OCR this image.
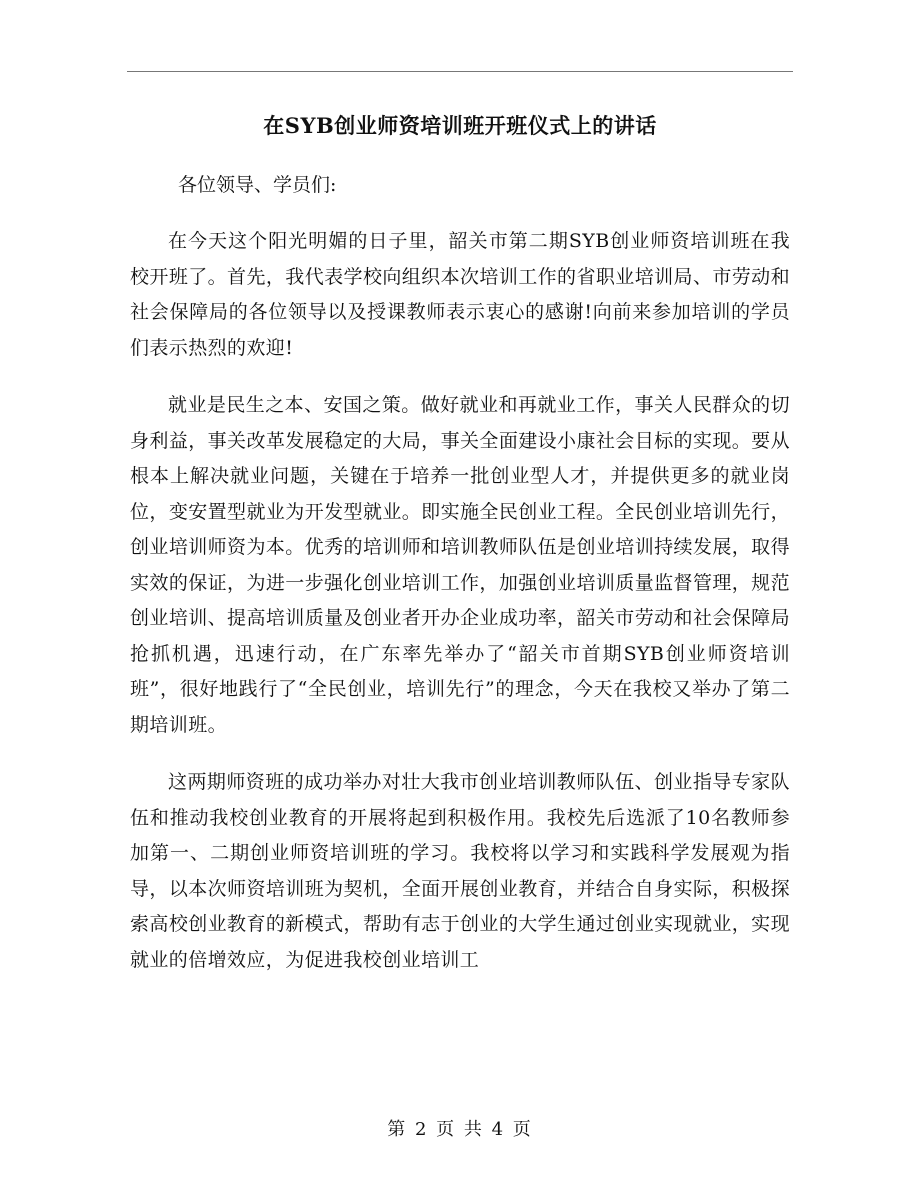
在SYB创业师资培训班开班仪式上的讲话

各位领导、学员们:

在今天这个阳光明媚的日子里，韶关市第二期SYB创业师资培训班在我校开班了。首先，我代表学校向组织本次培训工作的省职业培训局、市劳动和社会保障局的各位领导以及授课教师表示衷心的感谢!向前来参加培训的学员们表示热烈的欢迎!

就业是民生之本、安国之策。做好就业和再就业工作，事关人民群众的切身利益，事关改革发展稳定的大局，事关全面建设小康社会目标的实现。要从根本上解决就业问题，关键在于培养一批创业型人才，并提供更多的就业岗位，变安置型就业为开发型就业。即实施全民创业工程。全民创业培训先行，创业培训师资为本。优秀的培训师和培训教师队伍是创业培训持续发展，取得实效的保证，为进一步强化创业培训工作，加强创业培训质量监督管理，规范创业培训、提高培训质量及创业者开办企业成功率，韶关市劳动和社会保障局抢抓机遇，迅速行动，在广东率先举办了“韶关市首期SYB创业师资培训班”，很好地践行了“全民创业，培训先行”的理念，今天在我校又举办了第二期培训班。

这两期师资班的成功举办对壮大我市创业培训教师队伍、创业指导专家队伍和推动我校创业教育的开展将起到积极作用。我校先后选派了10名教师参加第一、二期创业师资培训班的学习。我校将以学习和实践科学发展观为指导，以本次师资培训班为契机，全面开展创业教育，并结合自身实际，积极探索高校创业教育的新模式，帮助有志于创业的大学生通过创业实现就业，实现就业的倍增效应，为促进我校创业培训工

第 2 页 共 4 页
